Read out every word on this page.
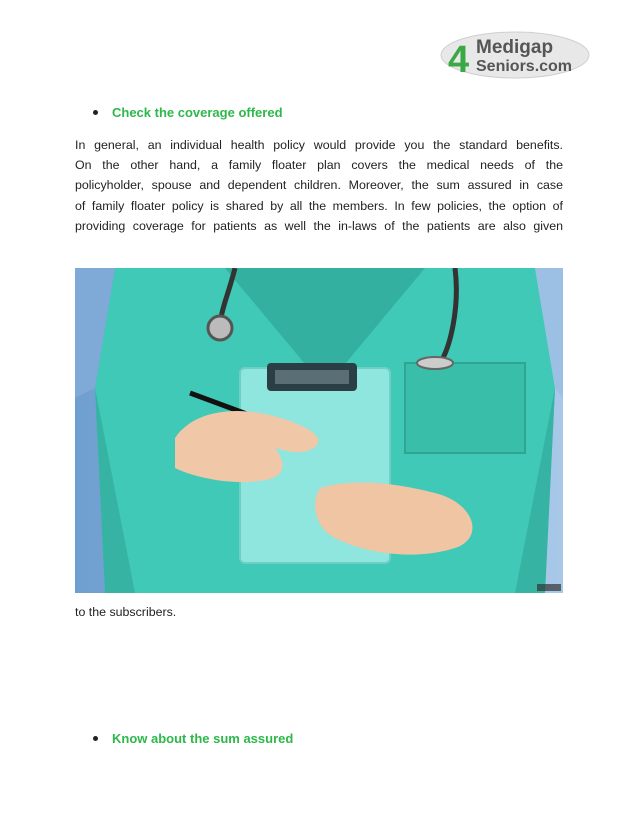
4 Medigap
Seniors.com
Check the coverage offered
In general, an individual health policy would provide you the standard benefits.
On the other hand, a family floater plan covers the medical needs of the
policyholder, spouse and dependent children. Moreover, the sum assured in case
of family floater policy is shared by all the members. In few policies, the option of
providing coverage for patients as well the in-laws of the patients are also given
to the subscribers.
Know about the sum assured
